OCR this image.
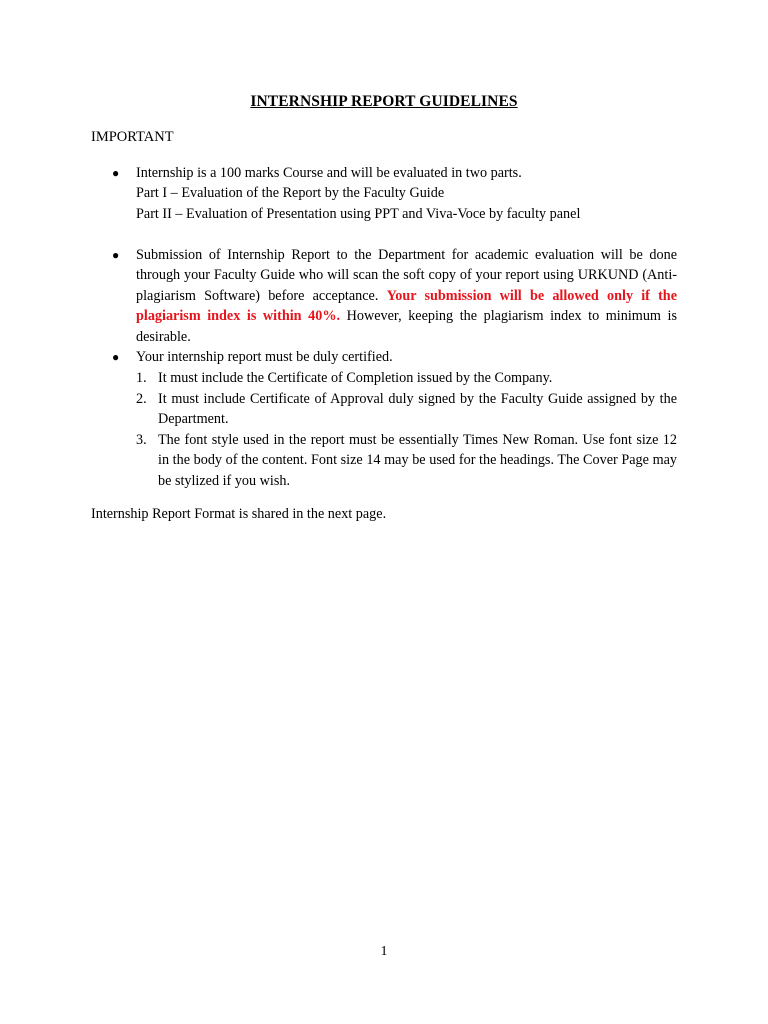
INTERNSHIP REPORT GUIDELINES
IMPORTANT
● Internship is a 100 marks Course and will be evaluated in two parts.
Part I – Evaluation of the Report by the Faculty Guide
Part II – Evaluation of Presentation using PPT and Viva-Voce by faculty panel
● Submission of Internship Report to the Department for academic evaluation will be done through your Faculty Guide who will scan the soft copy of your report using URKUND (Anti-plagiarism Software) before acceptance. Your submission will be allowed only if the plagiarism index is within 40%. However, keeping the plagiarism index to minimum is desirable.
● Your internship report must be duly certified.
1. It must include the Certificate of Completion issued by the Company.
2. It must include Certificate of Approval duly signed by the Faculty Guide assigned by the Department.
3. The font style used in the report must be essentially Times New Roman. Use font size 12 in the body of the content. Font size 14 may be used for the headings. The Cover Page may be stylized if you wish.
Internship Report Format is shared in the next page.
1
